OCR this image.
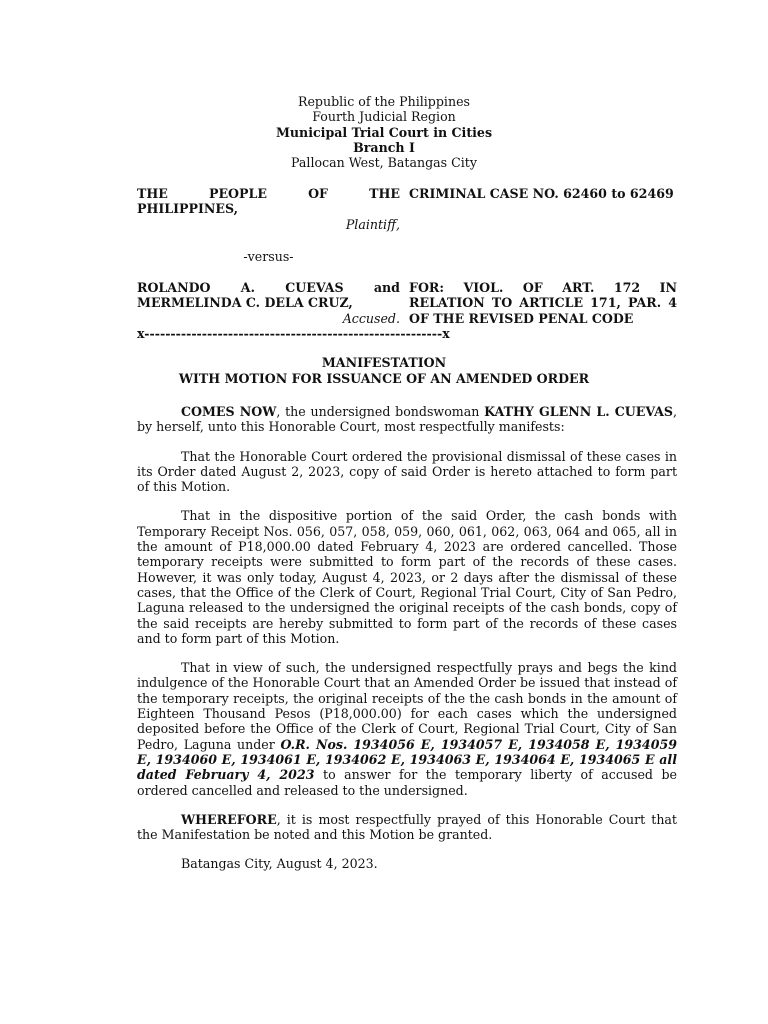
Republic of the Philippines
Fourth Judicial Region
Municipal Trial Court in Cities
Branch I
Pallocan West, Batangas City

THE PEOPLE OF THE

PHILIPPINES,

Plaintiff,

CRIMINAL CASE NO. 62460 to 62469

-versus-

ROLANDO A. CUEVAS and

MERMELINDA C. DELA CRUZ,

Accused.

x---------------------------------------------------------x

FOR: VIOL. OF ART. 172 IN RELATION TO ARTICLE 171, PAR. 4 OF THE REVISED PENAL CODE

MANIFESTATION
WITH MOTION FOR ISSUANCE OF AN AMENDED ORDER

COMES NOW, the undersigned bondswoman KATHY GLENN L. CUEVAS, by herself, unto this Honorable Court, most respectfully manifests:

That the Honorable Court ordered the provisional dismissal of these cases in its Order dated August 2, 2023, copy of said Order is hereto attached to form part of this Motion.

That in the dispositive portion of the said Order, the cash bonds with Temporary Receipt Nos. 056, 057, 058, 059, 060, 061, 062, 063, 064 and 065, all in the amount of P18,000.00 dated February 4, 2023 are ordered cancelled. Those temporary receipts were submitted to form part of the records of these cases. However, it was only today, August 4, 2023, or 2 days after the dismissal of these cases, that the Office of the Clerk of Court, Regional Trial Court, City of San Pedro, Laguna released to the undersigned the original receipts of the cash bonds, copy of the said receipts are hereby submitted to form part of the records of these cases and to form part of this Motion.

That in view of such, the undersigned respectfully prays and begs the kind indulgence of the Honorable Court that an Amended Order be issued that instead of the temporary receipts, the original receipts of the the cash bonds in the amount of Eighteen Thousand Pesos (P18,000.00) for each cases which the undersigned deposited before the Office of the Clerk of Court, Regional Trial Court, City of San Pedro, Laguna under O.R. Nos. 1934056 E, 1934057 E, 1934058 E, 1934059 E, 1934060 E, 1934061 E, 1934062 E, 1934063 E, 1934064 E, 1934065 E all dated February 4, 2023 to answer for the temporary liberty of accused be ordered cancelled and released to the undersigned.

WHEREFORE, it is most respectfully prayed of this Honorable Court that the Manifestation be noted and this Motion be granted.

Batangas City, August 4, 2023.
